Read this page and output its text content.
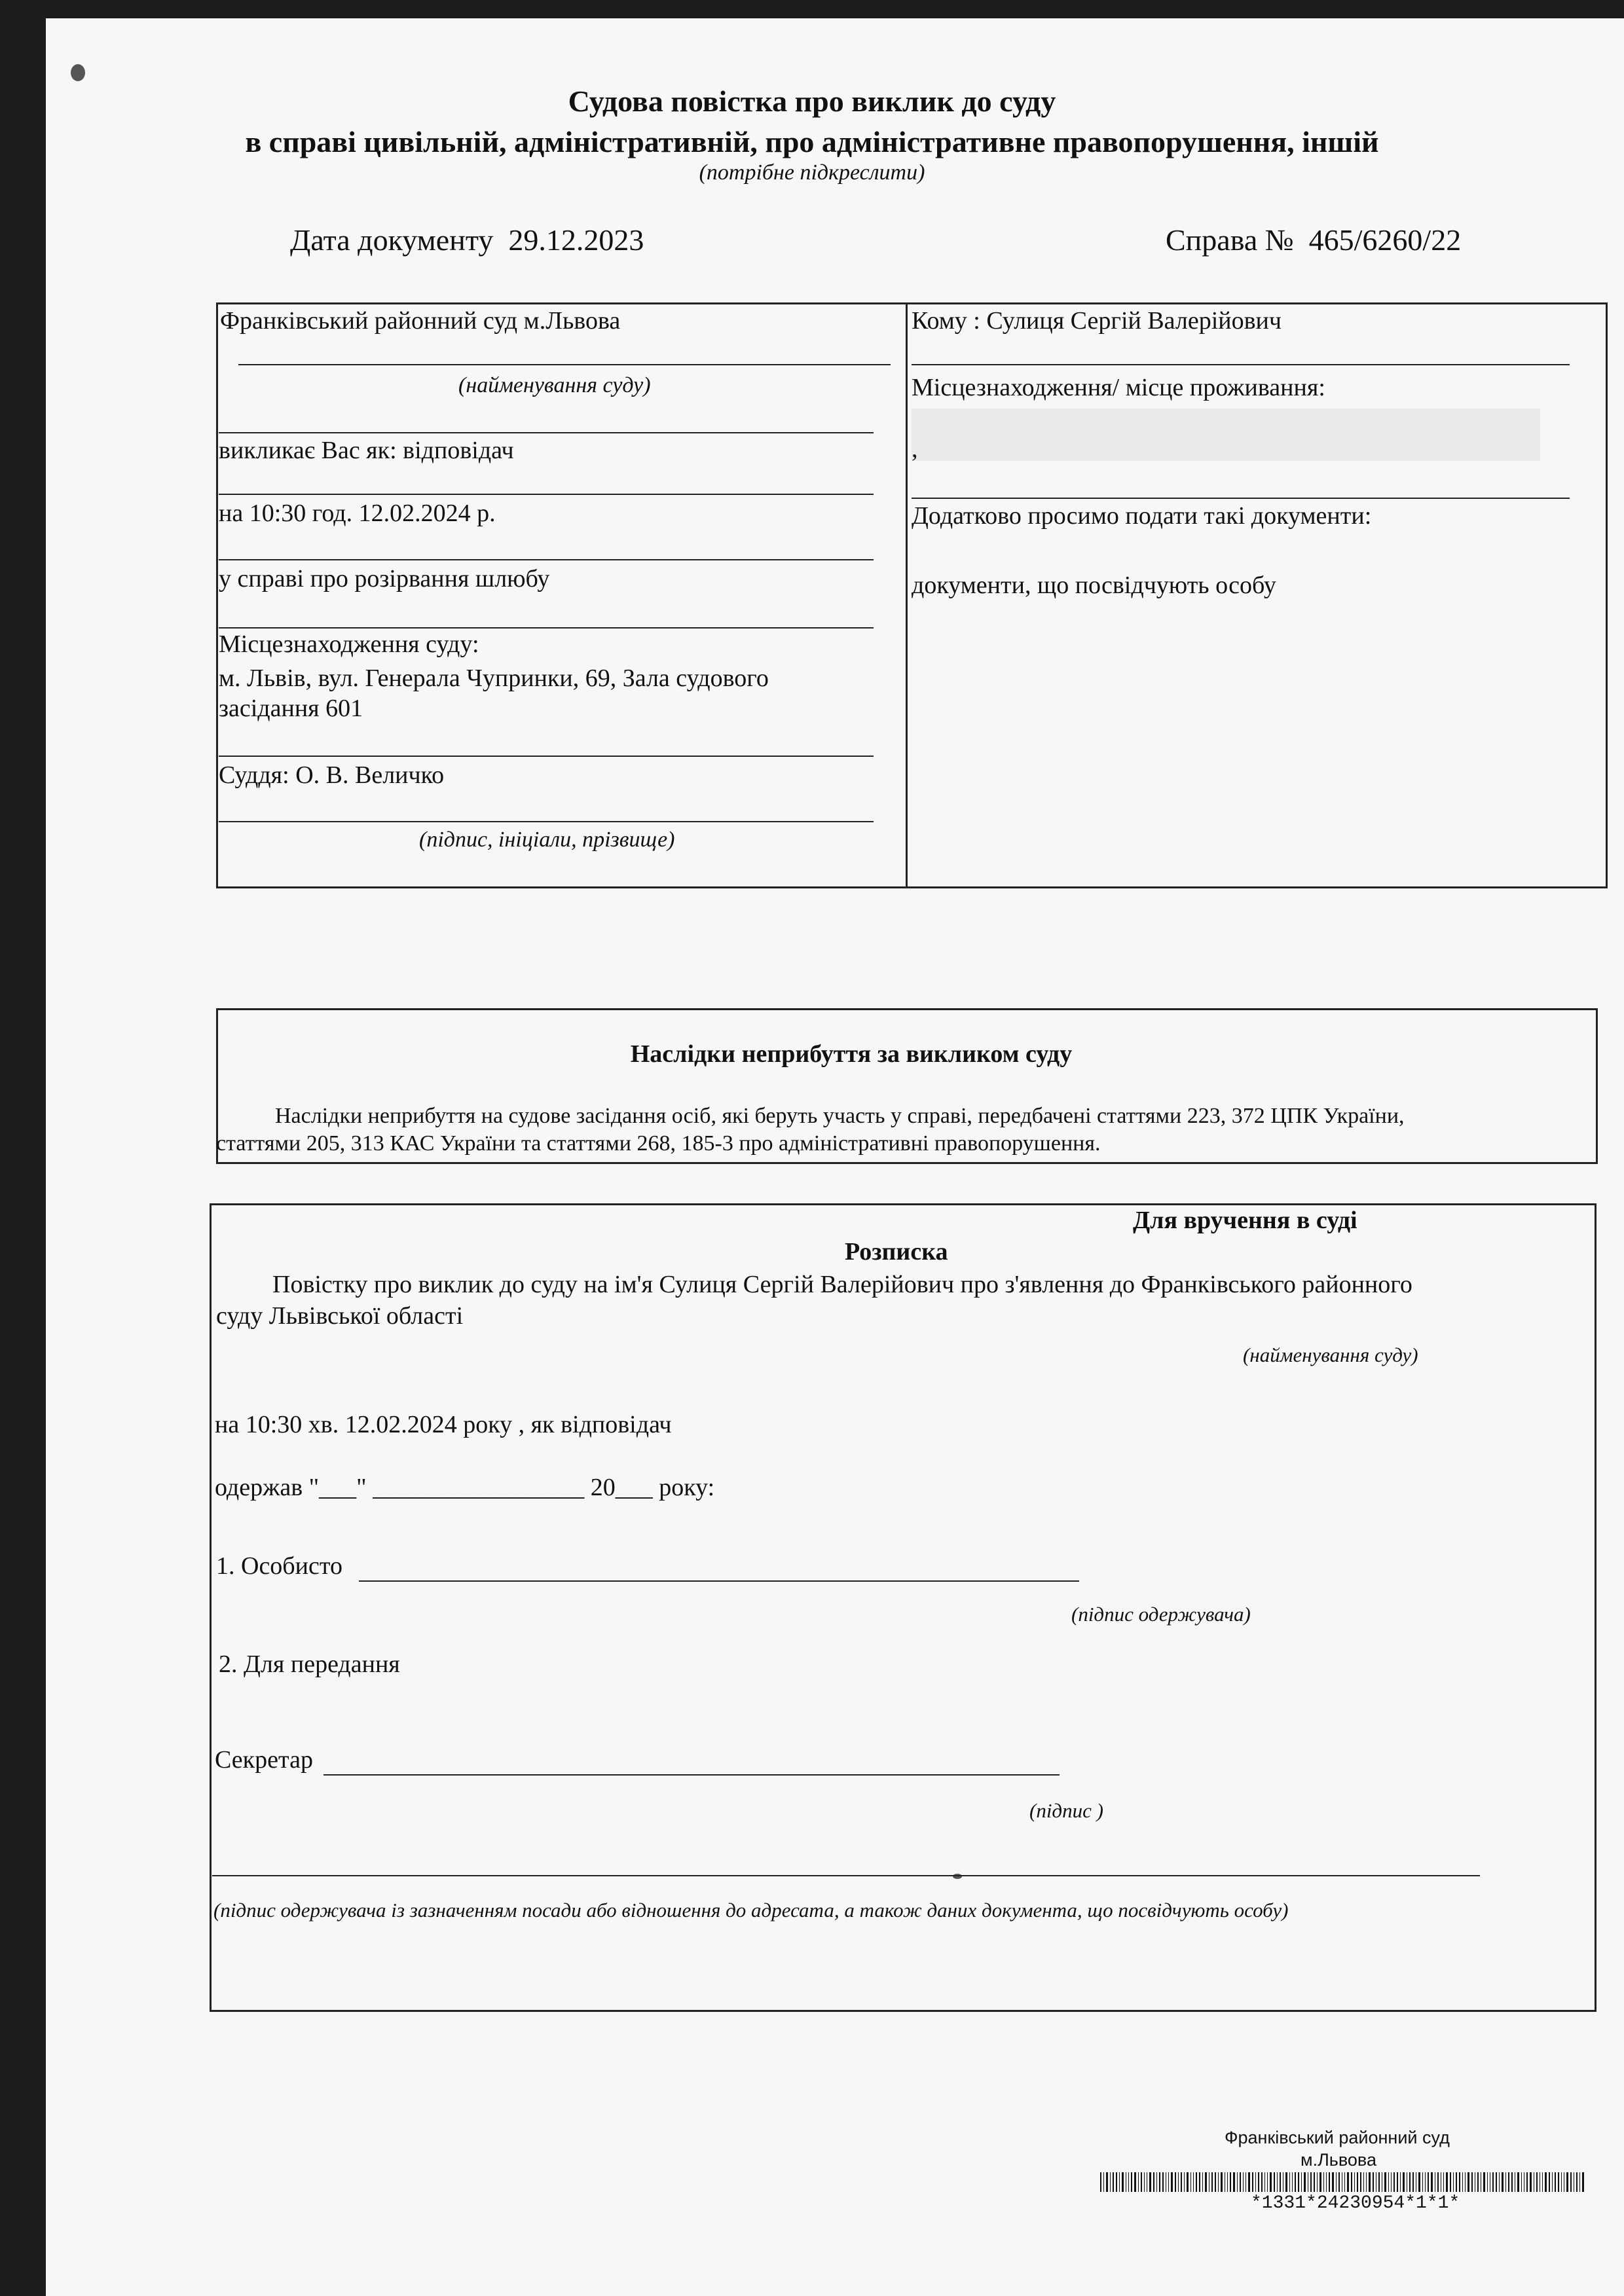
Судова повістка про виклик до суду
в справі цивільній, адміністративній, про адміністративне правопорушення, іншій
(потрібне підкреслити)
Дата документу 29.12.2023	Справа № 465/6260/22
Франківський районний суд м.Львова
(найменування суду)
викликає Вас як: відповідач
на 10:30 год. 12.02.2024 р.
у справі про розірвання шлюбу
Місцезнаходження суду:
м. Львів, вул. Генерала Чупринки, 69, Зала судового
засідання 601
Суддя: О. В. Величко
(підпис, ініціали, прізвище)
Кому : Сулиця Сергій Валерійович
Місцезнаходження/ місце проживання:
,
Додатково просимо подати такі документи:
документи, що посвідчують особу
Наслідки неприбуття за викликом суду
Наслідки неприбуття на судове засідання осіб, які беруть участь у справі, передбачені статтями 223, 372 ЦПК України,
статтями 205, 313 КАС України та статтями 268, 185-3 про адміністративні правопорушення.
Для вручення в суді
Розписка
Повістку про виклик до суду на ім'я Сулиця Сергій Валерійович про з'явлення до Франківського районного
суду Львівської області
(найменування суду)
на 10:30 хв. 12.02.2024 року , як відповідач
одержав "___" _________________ 20___ року:
1. Особисто
(підпис одержувача)
2. Для передання
Секретар
(підпис )
(підпис одержувача із зазначенням посади або відношення до адресата, а також даних документа, що посвідчують особу)
Франківський районний суд
м.Львова
*1331*24230954*1*1*
